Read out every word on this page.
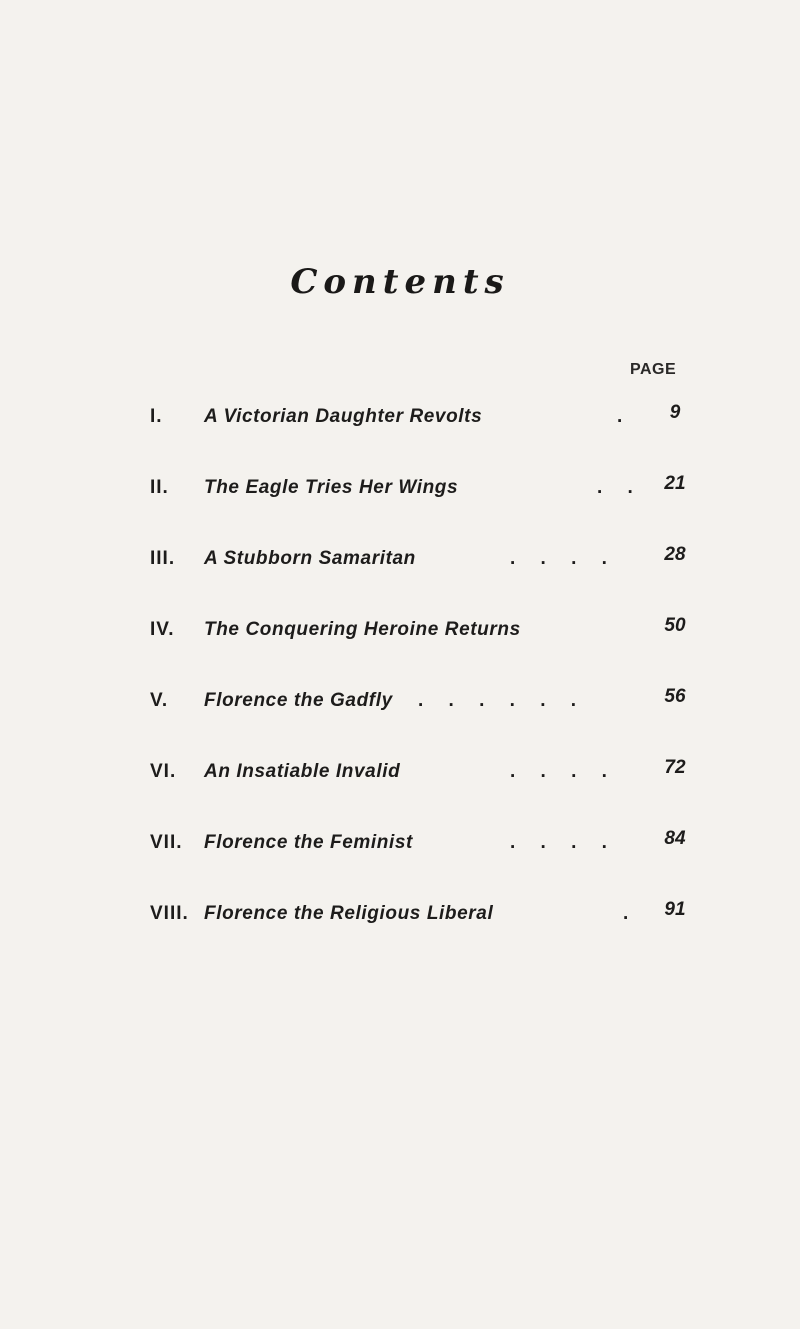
Contents
PAGE
I. A Victorian Daughter Revolts	.	9
II. The Eagle Tries Her Wings	. .	21
III. A Stubborn Samaritan	. . . .	28
IV. The Conquering Heroine Returns	50
V. Florence the Gadfly . . . . . .	56
VI. An Insatiable Invalid	. . . .	72
VII. Florence the Feminist	. . . .	84
VIII. Florence the Religious Liberal	.	91
